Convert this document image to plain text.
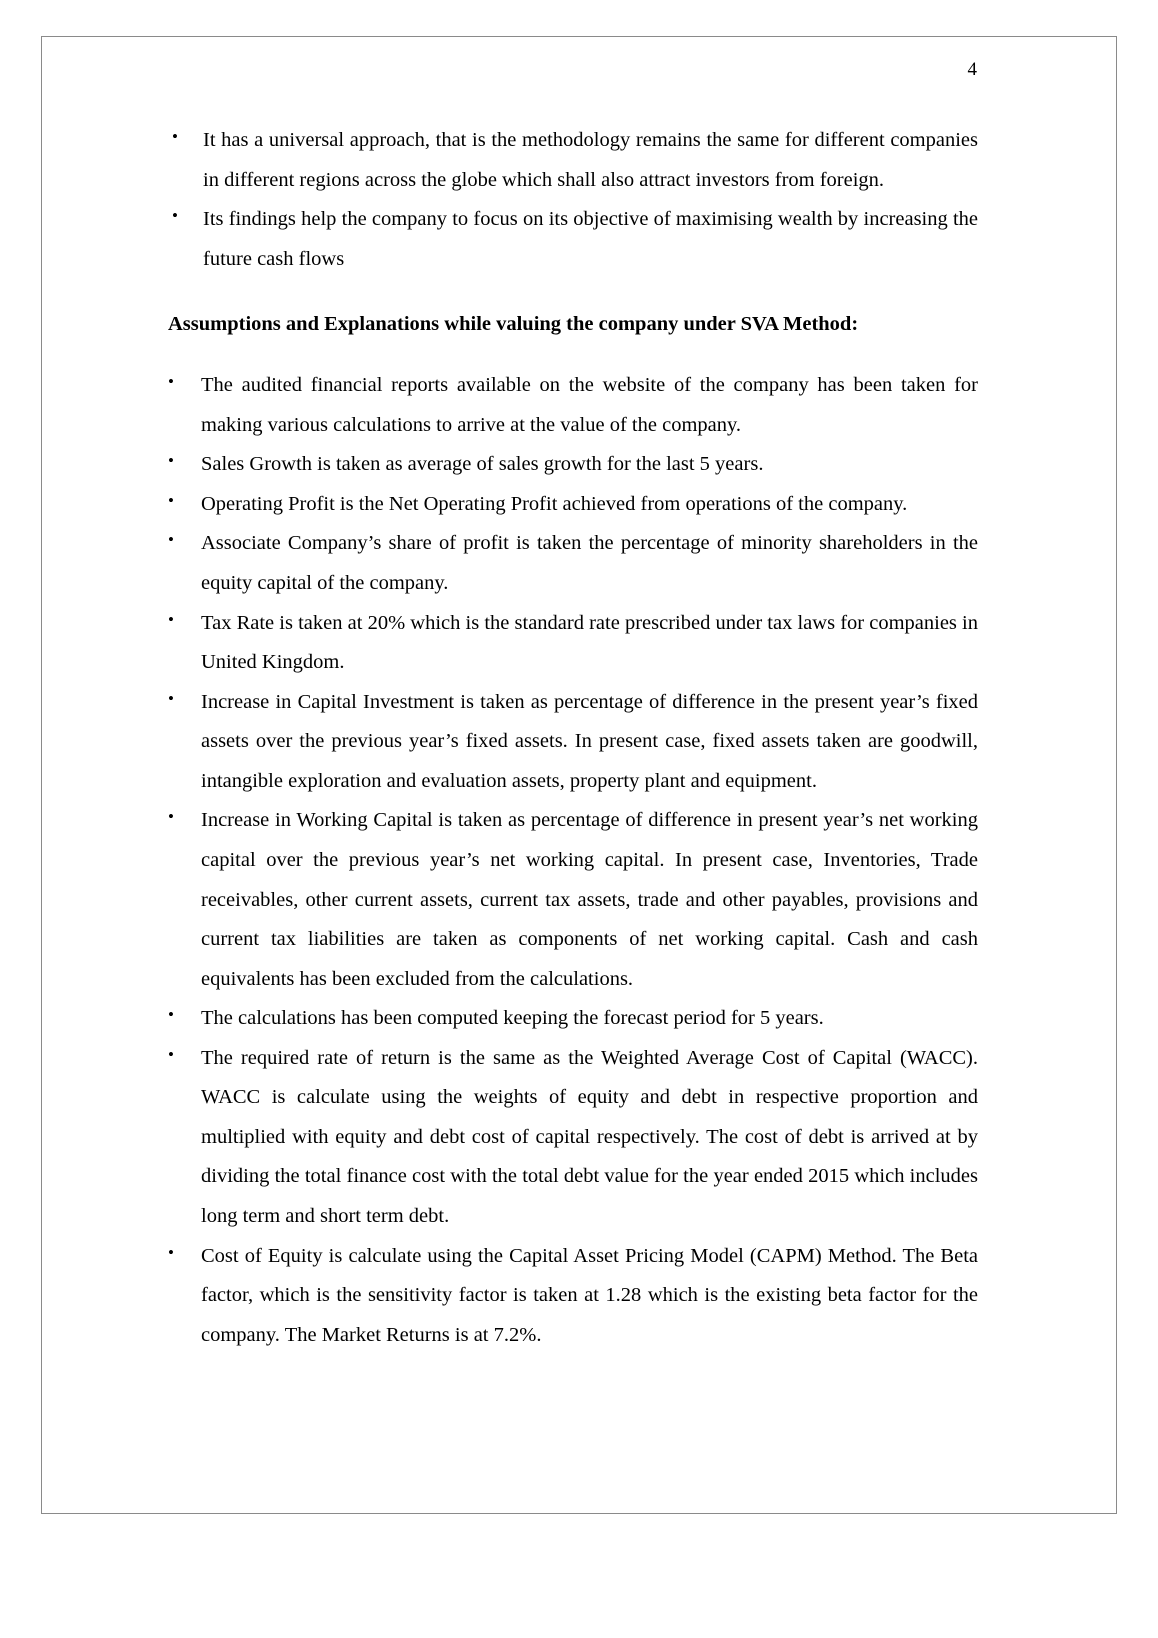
4
• It has a universal approach, that is the methodology remains the same for different companies in different regions across the globe which shall also attract investors from foreign.
• Its findings help the company to focus on its objective of maximising wealth by increasing the future cash flows
Assumptions and Explanations while valuing the company under SVA Method:
• The audited financial reports available on the website of the company has been taken for making various calculations to arrive at the value of the company.
• Sales Growth is taken as average of sales growth for the last 5 years.
• Operating Profit is the Net Operating Profit achieved from operations of the company.
• Associate Company’s share of profit is taken the percentage of minority shareholders in the equity capital of the company.
• Tax Rate is taken at 20% which is the standard rate prescribed under tax laws for companies in United Kingdom.
• Increase in Capital Investment is taken as percentage of difference in the present year’s fixed assets over the previous year’s fixed assets. In present case, fixed assets taken are goodwill, intangible exploration and evaluation assets, property plant and equipment.
• Increase in Working Capital is taken as percentage of difference in present year’s net working capital over the previous year’s net working capital. In present case, Inventories, Trade receivables, other current assets, current tax assets, trade and other payables, provisions and current tax liabilities are taken as components of net working capital. Cash and cash equivalents has been excluded from the calculations.
• The calculations has been computed keeping the forecast period for 5 years.
• The required rate of return is the same as the Weighted Average Cost of Capital (WACC). WACC is calculate using the weights of equity and debt in respective proportion and multiplied with equity and debt cost of capital respectively. The cost of debt is arrived at by dividing the total finance cost with the total debt value for the year ended 2015 which includes long term and short term debt.
• Cost of Equity is calculate using the Capital Asset Pricing Model (CAPM) Method. The Beta factor, which is the sensitivity factor is taken at 1.28 which is the existing beta factor for the company. The Market Returns is at 7.2%.
